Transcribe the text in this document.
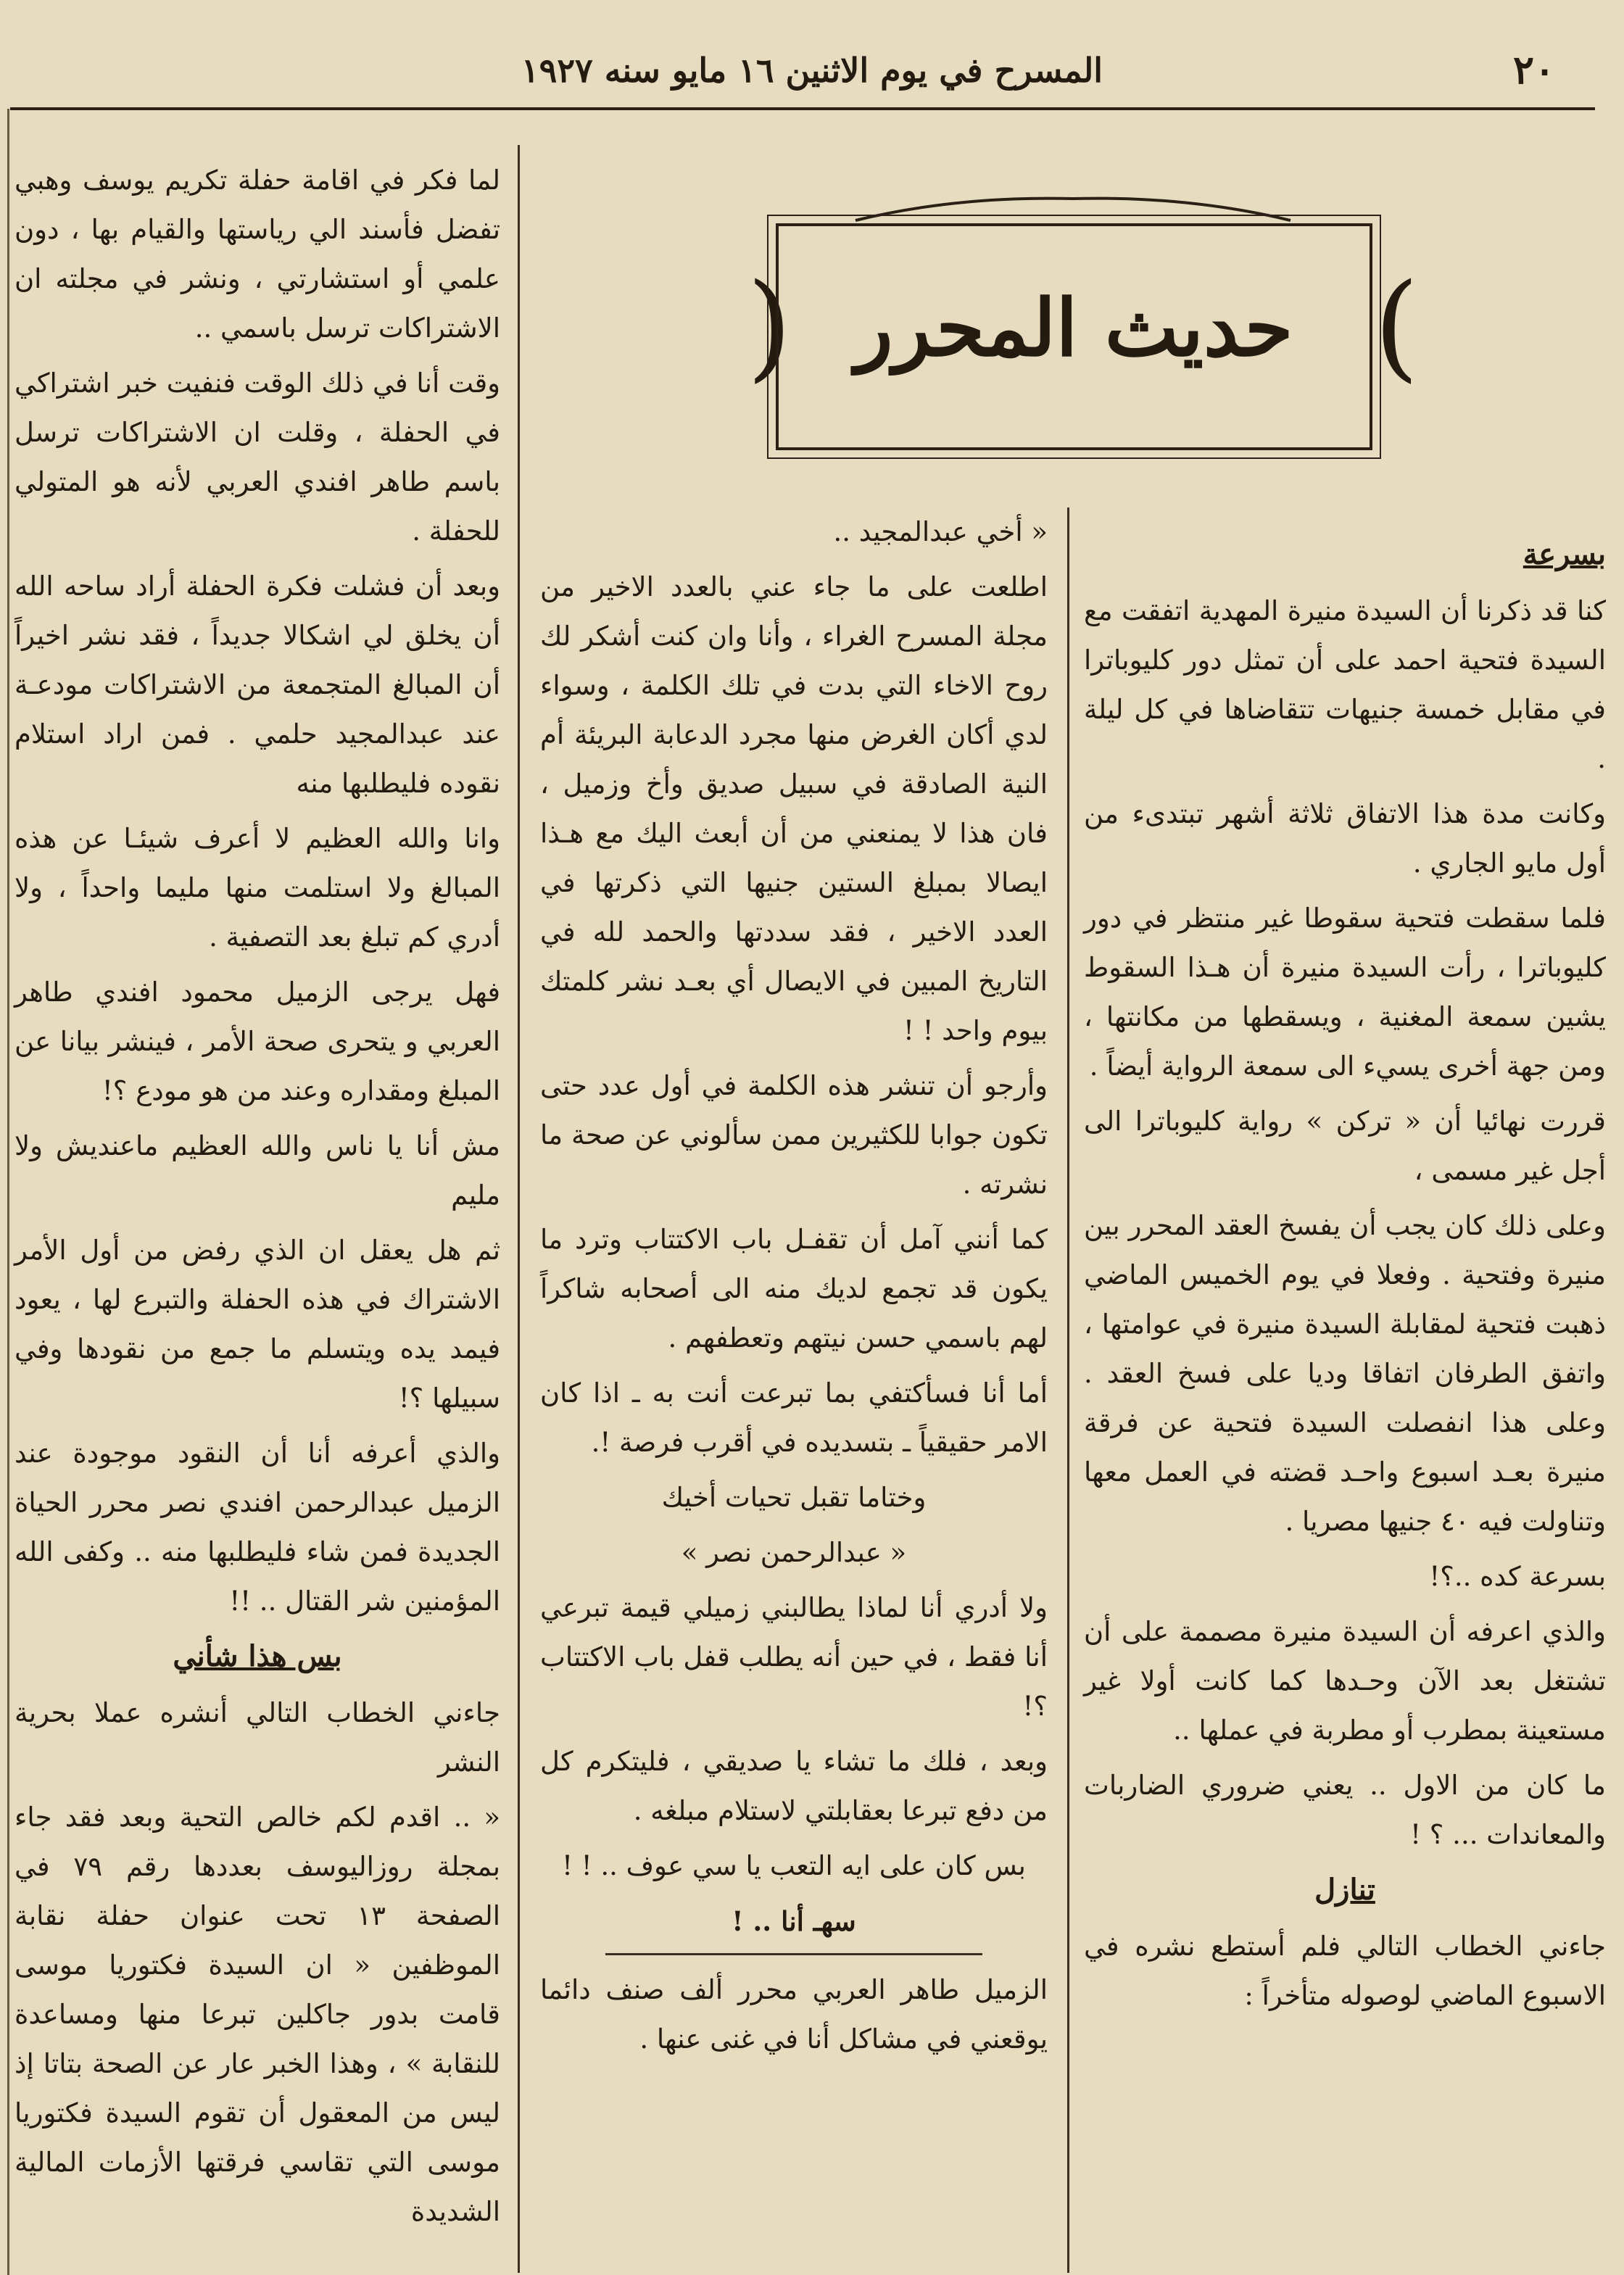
٢٠
المسرح في يوم الاثنين ١٦ مايو سنه ١٩٢٧
(	)
حديث المحرر
بسرعة

كنا قد ذكرنا أن السيدة منيرة المهدية اتفقت مع السيدة فتحية احمد على أن تمثل دور كليوباترا في مقابل خمسة جنيهات تتقاضاها في كل ليلة .

وكانت مدة هذا الاتفاق ثلاثة أشهر تبتدىء من أول مايو الجاري .

فلما سقطت فتحية سقوطا غير منتظر في دور كليوباترا ، رأت السيدة منيرة أن هـذا السقوط يشين سمعة المغنية ، ويسقطها من مكانتها ، ومن جهة أخرى يسيء الى سمعة الرواية أيضاً .

قررت نهائيا أن « تركن » رواية كليوباترا الى أجل غير مسمى ،

وعلى ذلك كان يجب أن يفسخ العقد المحرر بين منيرة وفتحية . وفعلا في يوم الخميس الماضي ذهبت فتحية لمقابلة السيدة منيرة في عوامتها ، واتفق الطرفان اتفاقا وديا على فسخ العقد . وعلى هذا انفصلت السيدة فتحية عن فرقة منيرة بعـد اسبوع واحـد قضته في العمل معها وتناولت فيه ٤٠ جنيها مصريا .

بسرعة كده ..؟!

والذي اعرفه أن السيدة منيرة مصممة على أن تشتغل بعد الآن وحـدها كما كانت أولا غير مستعينة بمطرب أو مطربة في عملها ..

ما كان من الاول .. يعني ضروري الضاربات والمعاندات ... ؟ !

تنازل

جاءني الخطاب التالي فلم أستطع نشره في الاسبوع الماضي لوصوله متأخراً :

« أخي عبدالمجيد ..

اطلعت على ما جاء عني بالعدد الاخير من مجلة المسرح الغراء ، وأنا وان كنت أشكر لك روح الاخاء التي بدت في تلك الكلمة ، وسواء لدي أكان الغرض منها مجرد الدعابة البريئة أم النية الصادقة في سبيل صديق وأخ وزميل ، فان هذا لا يمنعني من أن أبعث اليك مع هـذا ايصالا بمبلغ الستين جنيها التي ذكرتها في العدد الاخير ، فقد سددتها والحمد لله في التاريخ المبين في الايصال أي بعـد نشر كلمتك بيوم واحد ! !

وأرجو أن تنشر هذه الكلمة في أول عدد حتى تكون جوابا للكثيرين ممن سألوني عن صحة ما نشرته .

كما أنني آمل أن تقفـل باب الاكتتاب وترد ما يكون قد تجمع لديك منه الى أصحابه شاكراً لهم باسمي حسن نيتهم وتعطفهم .

أما أنا فسأكتفي بما تبرعت أنت به ـ اذا كان الامر حقيقياً ـ بتسديده في أقرب فرصة !.

وختاما تقبل تحيات أخيك

« عبدالرحمن نصر »

ولا أدري أنا لماذا يطالبني زميلي قيمة تبرعي أنا فقط ، في حين أنه يطلب قفل باب الاكتتاب ؟!

وبعد ، فلك ما تشاء يا صديقي ، فليتكرم كل من دفع تبرعا بعقابلتي لاستلام مبلغه .

بس كان على ايه التعب يا سي عوف .. ! !

سهـ أنا .. !

الزميل طاهر العربي محرر ألف صنف دائما يوقعني في مشاكل أنا في غنى عنها .

لما فكر في اقامة حفلة تكريم يوسف وهبي تفضل فأسند الي رياستها والقيام بها ، دون علمي أو استشارتي ، ونشر في مجلته ان الاشتراكات ترسل باسمي ..

وقت أنا في ذلك الوقت فنفيت خبر اشتراكي في الحفلة ، وقلت ان الاشتراكات ترسل باسم طاهر افندي العربي لأنه هو المتولي للحفلة .

وبعد أن فشلت فكرة الحفلة أراد ساحه الله أن يخلق لي اشكالا جديداً ، فقد نشر اخيراً أن المبالغ المتجمعة من الاشتراكات مودعـة عند عبدالمجيد حلمي . فمن اراد استلام نقوده فليطلبها منه

وانا والله العظيم لا أعرف شيئـا عن هذه المبالغ ولا استلمت منها مليما واحداً ، ولا أدري كم تبلغ بعد التصفية .

فهل يرجى الزميل محمود افندي طاهر العربي و يتحرى صحة الأمر ، فينشر بيانا عن المبلغ ومقداره وعند من هو مودع ؟!

مش أنا يا ناس والله العظيم ماعنديش ولا مليم

ثم هل يعقل ان الذي رفض من أول الأمر الاشتراك في هذه الحفلة والتبرع لها ، يعود فيمد يده ويتسلم ما جمع من نقودها وفي سبيلها ؟!

والذي أعرفه أنا أن النقود موجودة عند الزميل عبدالرحمن افندي نصر محرر الحياة الجديدة فمن شاء فليطلبها منه .. وكفى الله المؤمنين شر القتال .. !!

بس هذا شأني

جاءني الخطاب التالي أنشره عملا بحرية النشر

« .. اقدم لكم خالص التحية وبعد فقد جاء بمجلة روزاليوسف بعددها رقم ٧٩ في الصفحة ١٣ تحت عنوان حفلة نقابة الموظفين « ان السيدة فكتوريا موسى قامت بدور جاكلين تبرعا منها ومساعدة للنقابة » ، وهذا الخبر عار عن الصحة بتاتا إذ ليس من المعقول أن تقوم السيدة فكتوريا موسى التي تقاسي فرقتها الأزمات المالية الشديدة
